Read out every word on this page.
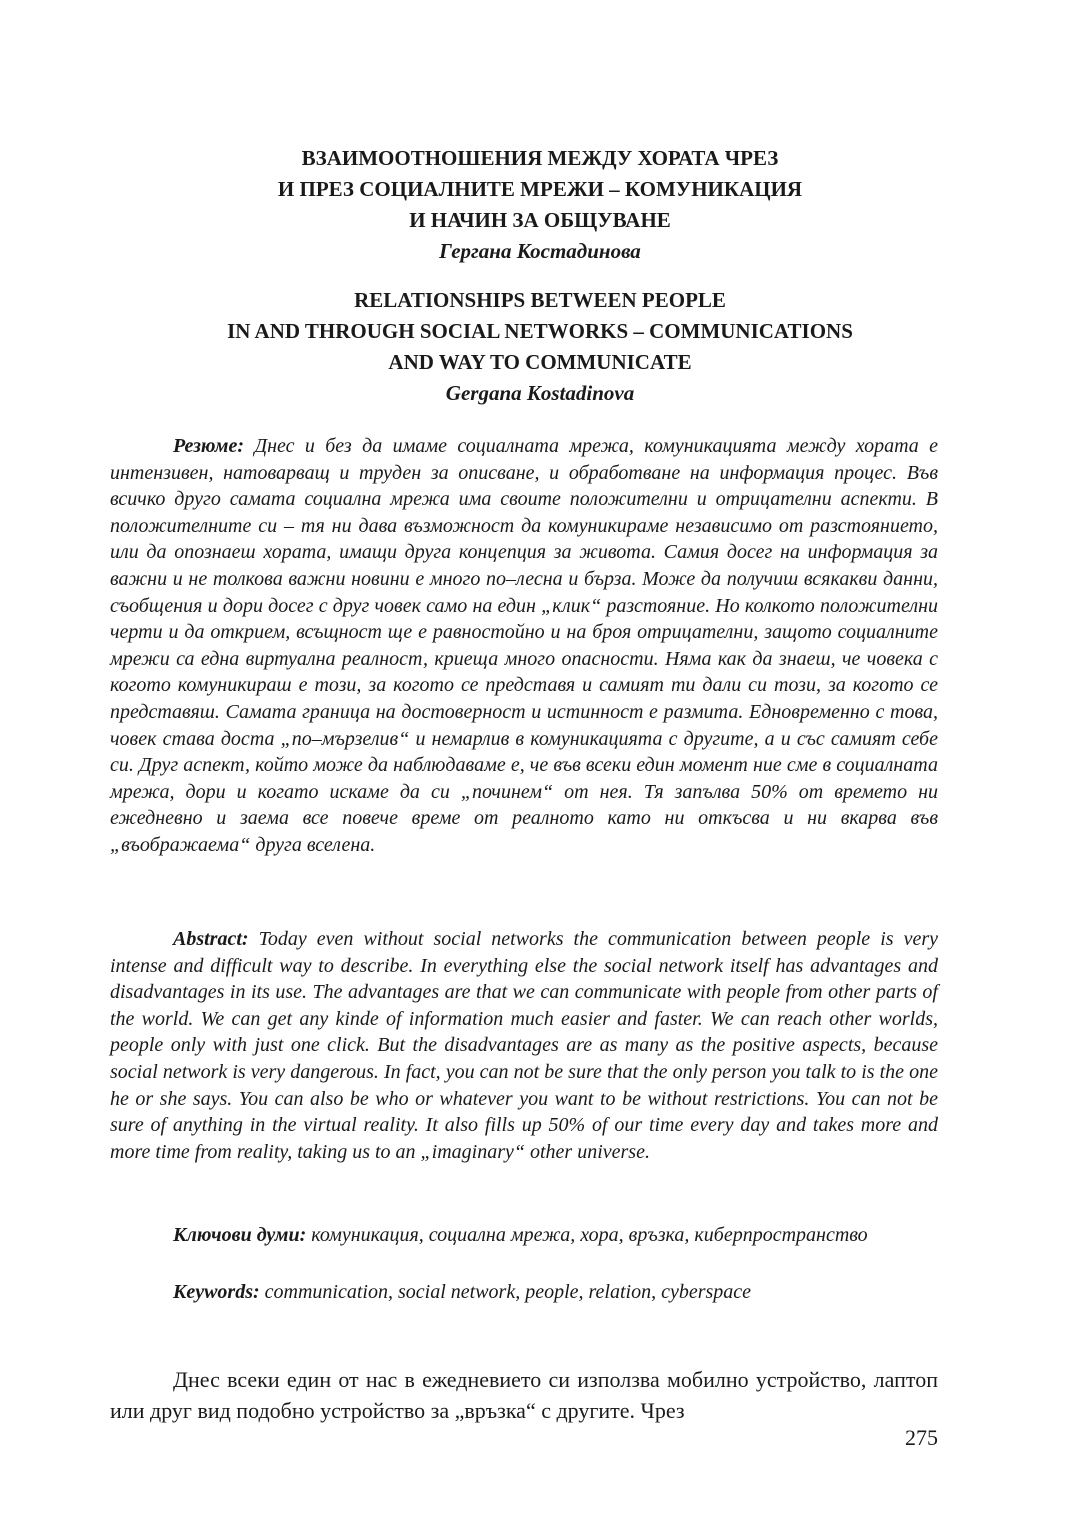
ВЗАИМООТНОШЕНИЯ МЕЖДУ ХОРАТА ЧРЕЗ
И ПРЕЗ СОЦИАЛНИТЕ МРЕЖИ – КОМУНИКАЦИЯ
И НАЧИН ЗА ОБЩУВАНЕ
Гергана Костадинова
RELATIONSHIPS BETWEEN PEOPLE
IN AND THROUGH SOCIAL NETWORKS – COMMUNICATIONS
AND WAY TO COMMUNICATE
Gergana Kostadinova

Резюме: Днес и без да имаме социалната мрежа, комуникацията между хората е интензивен, натоварващ и труден за описване, и обработване на информация процес. Във всичко друго самата социална мрежа има своите положителни и отрицателни аспекти. В положителните си – тя ни дава възможност да комуникираме независимо от разстоянието, или да опознаеш хората, имащи друга концепция за живота. Самия досег на информация за важни и не толкова важни новини е много по–лесна и бърза. Може да получиш всякакви данни, съобщения и дори досег с друг човек само на един „клик“ разстояние. Но колкото положителни черти и да открием, всъщност ще е равностойно и на броя отрицателни, защото социалните мрежи са една виртуална реалност, криеща много опасности. Няма как да знаеш, че човека с когото комуникираш е този, за когото се представя и самият ти дали си този, за когото се представяш. Самата граница на достоверност и истинност е размита. Едновременно с това, човек става доста „по–мързелив“ и немарлив в комуникацията с другите, а и със самият себе си. Друг аспект, който може да наблюдаваме е, че във всеки един момент ние сме в социалната мрежа, дори и когато искаме да си „починем“ от нея. Тя запълва 50% от времето ни ежедневно и заема все повече време от реалното като ни откъсва и ни вкарва във „въображаема“ друга вселена.

Abstract: Today even without social networks the communication between people is very intense and difficult way to describe. In everything else the social network itself has advantages and disadvantages in its use. The advantages are that we can communicate with people from other parts of the world. We can get any kinde of information much easier and faster. We can reach other worlds, people only with just one click. But the disadvantages are as many as the positive aspects, because social network is very dangerous. In fact, you can not be sure that the only person you talk to is the one he or she says. You can also be who or whatever you want to be without restrictions. You can not be sure of anything in the virtual reality. It also fills up 50% of our time every day and takes more and more time from reality, taking us to an „imaginary“ other universe.

Ключови думи: комуникация, социална мрежа, хора, връзка, киберпространство

Keywords: communication, social network, people, relation, cyberspace

Днес всеки един от нас в ежедневието си използва мобилно устройство, лаптоп или друг вид подобно устройство за „връзка“ с другите. Чрез

275
